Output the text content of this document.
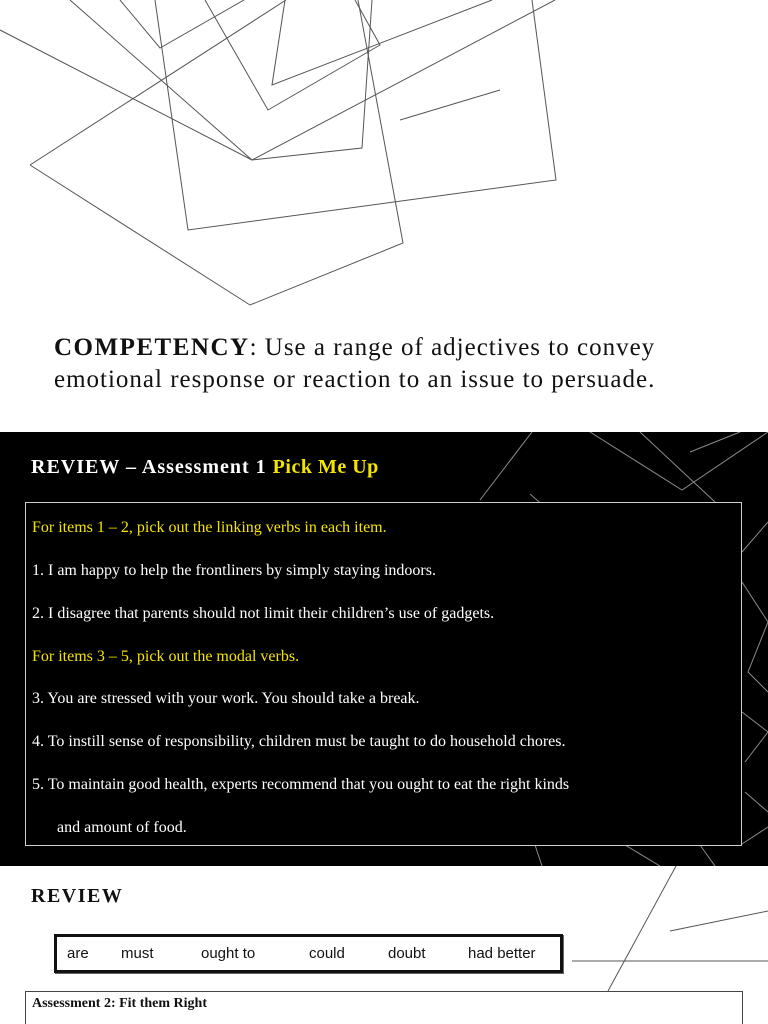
COMPETENCY: Use a range of adjectives to convey
emotional response or reaction to an issue to persuade.
REVIEW – Assessment 1 Pick Me Up
For items 1 – 2, pick out the linking verbs in each item.
1. I am happy to help the frontliners by simply staying indoors.
2. I disagree that parents should not limit their children’s use of gadgets.
For items 3 – 5, pick out the modal verbs.
3. You are stressed with your work. You should take a break.
4. To instill sense of responsibility, children must be taught to do household chores.
5. To maintain good health, experts recommend that you ought to eat the right kinds
and amount of food.
REVIEW
are must	ought to	could	doubt	had better
Assessment 2: Fit them Right
